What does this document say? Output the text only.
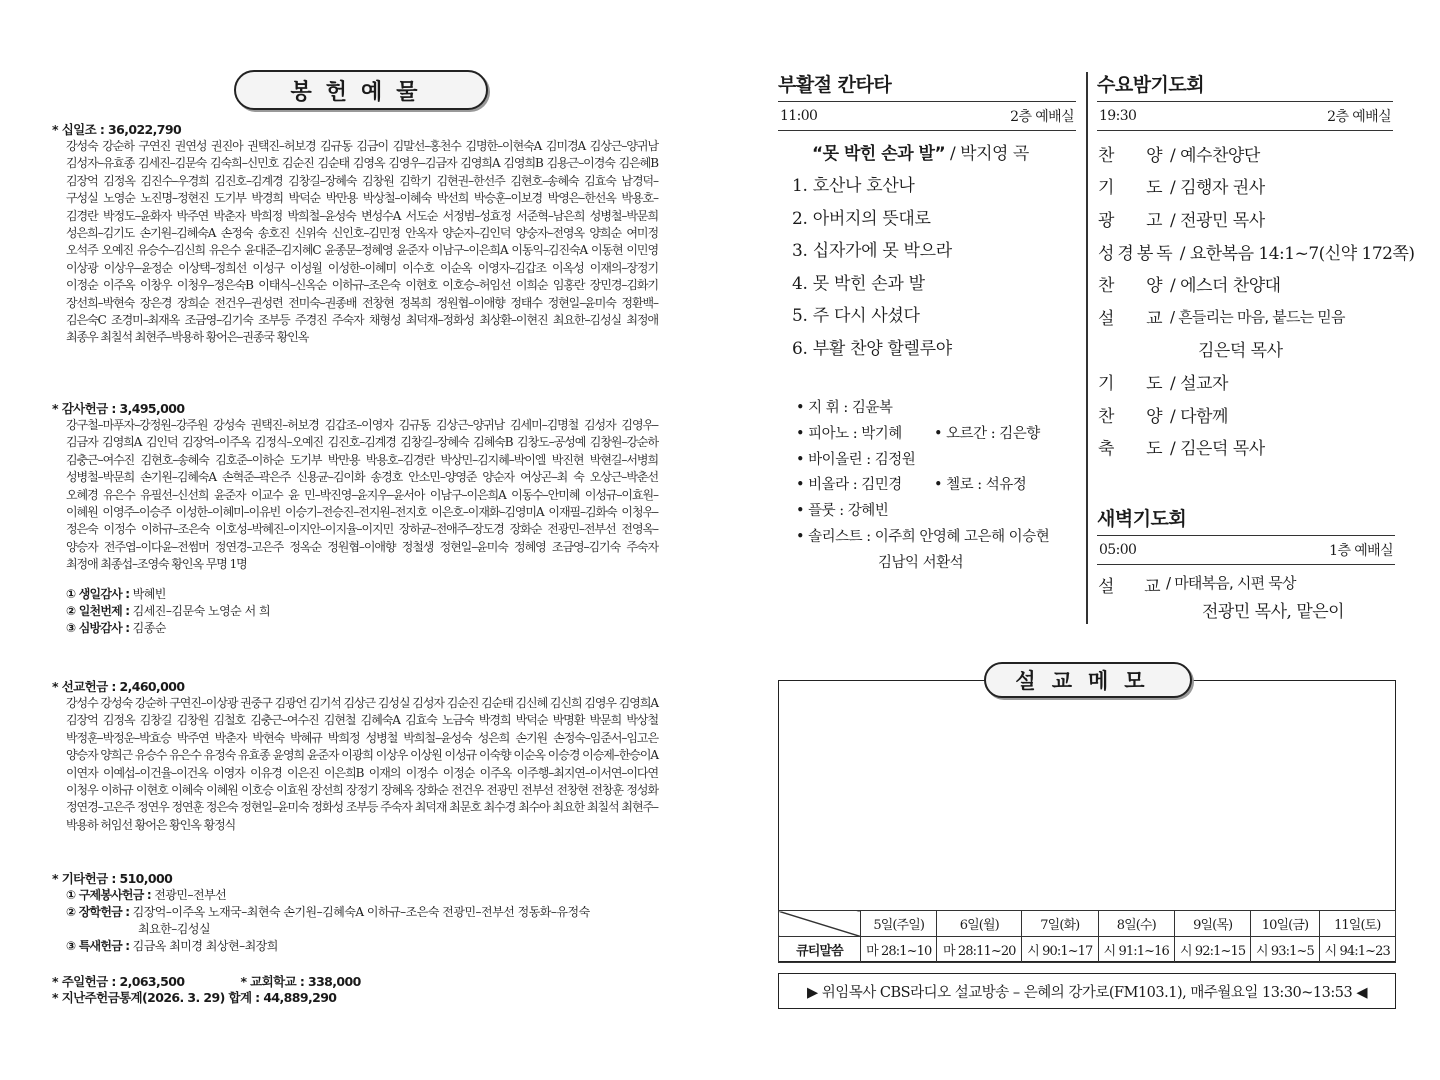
봉헌예물
* 십일조 : 36,022,790
강성숙 강순하 구연진 권연성 권진아 권택진–허보경 김규동 김금이 김말선–홍천수 김명한–이현숙A 김미경A 김상근–양귀남 김성자–유효종 김세진–김문숙 김숙희–신민호 김순진 김순태 김영옥 김영우–김금자 김영희A 김영희B 김용근–이경숙 김은혜B 김장억 김정옥 김진수–우경희 김진호–김계경 김창길–장혜숙 김창원 김학기 김현권–한선주 김현호–송혜숙 김효숙 남경덕–구성실 노영순 노진명–정현진 도기부 박경희 박덕순 박만용 박상철–이혜숙 박선희 박승훈–이보경 박영은–한선옥 박용호–김경란 박정도–윤화자 박주연 박춘자 박희정 박희철–윤성숙 변성수A 서도순 서정범–성효정 서준혁–남은희 성병철–박문희 성은희–김기도 손기원–김혜숙A 손정숙 송호진 신위숙 신인호–김민정 안옥자 양순자–김인덕 양숭자–전영옥 양희순 여미정 오석주 오예진 유승수–김신희 유은수 윤대준–김지혜C 윤종문–정혜영 윤준자 이남구–이은희A 이동익–김진숙A 이동현 이민영 이상광 이상우–윤정순 이상택–정희선 이성구 이성월 이성한–이혜미 이수호 이순옥 이영자–김갑조 이옥성 이재의–장정기 이정순 이주옥 이창우 이청우–정은숙B 이태식–신옥순 이하규–조은숙 이현호 이호승–허임선 이희순 임홍란 장민경–김화기 장선희–박현숙 장은경 장희순 전건우–권성련 전미숙–권종배 전창현 정복희 정원협–이애향 정태수 정현일–윤미숙 정환백–김은숙C 조경미–최재옥 조금영–김기숙 조부등 주경진 주숙자 채형성 최덕재–정화성 최상환–이현진 최요한–김성실 최정애 최종우 최칠석 최현주–박용하 황어은–권종국 황인옥
* 감사헌금 : 3,495,000
강구철–마푸자–강정원–강주원 강성숙 권택진–허보경 김갑조–이영자 김규동 김상근–양귀남 김세미–김명철 김성자 김영우–김금자 김영희A 김인덕 김장억–이주옥 김정식–오예진 김진호–김계경 김창길–장혜숙 김혜숙B 김창도–공성예 김창원–강순하 김충근–여수진 김현호–송혜숙 김호준–이하순 도기부 박만용 박용호–김경란 박상민–김지혜–박이엘 박진현 박현길–서병희 성병철–박문희 손기원–김혜숙A 손혁준–곽은주 신용균–김이화 송경호 안소민–양영준 양순자 여상곤–최 숙 오상근–박춘선 오혜경 유은수 유필선–신선희 윤준자 이교수 윤 민–박진영–윤지우–윤서아 이남구–이은희A 이동수–안미혜 이성규–이효원–이혜원 이영주–이승주 이성한–이혜미–이유빈 이승기–전승진–전지원–전지호 이은호–이재화–김영미A 이재필–김화숙 이청우–정은숙 이정수 이하규–조은숙 이호성–박혜진–이지안–이지율–이지민 장하균–전애주–장도경 장화순 전광민–전부선 전영옥–양승자 전주엽–이다윤–전썸머 정연경–고은주 정옥순 정원협–이애향 정철생 정현일–윤미숙 정혜영 조금영–김기숙 주숙자 최정애 최종섭–조영숙 황인옥 무명 1명
① 생일감사 : 박혜빈
② 일천번제 : 김세진–김문숙 노영순 서 희
③ 심방감사 : 김종순
* 선교헌금 : 2,460,000
강성수 강성숙 강순하 구연진–이상광 권중구 김광언 김기석 김상근 김성실 김성자 김순진 김순태 김신혜 김신희 김영우 김영희A 김장억 김정옥 김창길 김창원 김철호 김충근–여수진 김현철 김혜숙A 김효숙 노금숙 박경희 박덕순 박명환 박문희 박상철 박정훈–박정운–박효승 박주연 박춘자 박현숙 박혜규 박희정 성병철 박희철–윤성숙 성은희 손기원 손정숙–임준서–임고은 양승자 양희근 유승수 유은수 유정숙 유효종 윤영희 윤준자 이광희 이상우 이상원 이성규 이숙향 이순옥 이승경 이승제–한승이A 이연자 이예섭–이건율–이건옥 이영자 이유경 이은진 이은희B 이재의 이정수 이정순 이주옥 이주행–최지연–이서연–이다연 이청우 이하규 이현호 이혜숙 이혜원 이호승 이효원 장선희 장정기 장혜옥 장화순 전건우 전광민 전부선 전창현 전창훈 정성화 정연경–고은주 정연우 정연훈 정은숙 정현일–윤미숙 정화성 조부등 주숙자 최덕재 최문호 최수경 최수아 최요한 최칠석 최현주–박용하 허임선 황어은 황인옥 황정식
* 기타헌금 : 510,000
① 구제봉사헌금 : 전광민–전부선
② 장학헌금 : 김장억–이주옥 노재국–최현숙 손기원–김혜숙A 이하규–조은숙 전광민–전부선 정동화–유정숙
최요한–김성실
③ 특새헌금 : 김금옥 최미경 최상현–최장희
* 주일헌금 : 2,063,500	* 교회학교 : 338,000
* 지난주헌금통계(2026. 3. 29) 합계 : 44,889,290
부활절 칸타타
11:00	2층 예배실
“못 박힌 손과 발” / 박지영 곡
1. 호산나 호산나
2. 아버지의 뜻대로
3. 십자가에 못 박으라
4. 못 박힌 손과 발
5. 주 다시 사셨다
6. 부활 찬양 할렐루야
• 지 휘 : 김윤복
• 피아노 : 박기혜 • 오르간 : 김은향
• 바이올린 : 김정원
• 비올라 : 김민경 • 첼로 : 석유정
• 플룻 : 강혜빈
• 솔리스트 : 이주희 안영혜 고은해 이승현
김남익 서환석
수요밤기도회
19:30	2층 예배실
찬 양 / 예수찬양단
기 도 / 김행자 권사
광 고 / 전광민 목사
성경봉독 / 요한복음 14:1~7(신약 172쪽)
찬 양 / 에스더 찬양대
설 교 / 흔들리는 마음, 붙드는 믿음
김은덕 목사
기 도 / 설교자
찬 양 / 다함께
축 도 / 김은덕 목사
새벽기도회
05:00	1층 예배실
설 교 / 마태복음, 시편 묵상
전광민 목사, 맡은이
설교메모
	5일(주일)	6일(월)	7일(화)	8일(수)	9일(목)	10일(금)	11일(토)
큐티말씀	마 28:1~10	마 28:11~20	시 90:1~17	시 91:1~16	시 92:1~15	시 93:1~5	시 94:1~23
▶ 위임목사 CBS라디오 설교방송 – 은혜의 강가로(FM103.1), 매주월요일 13:30~13:53 ◀
